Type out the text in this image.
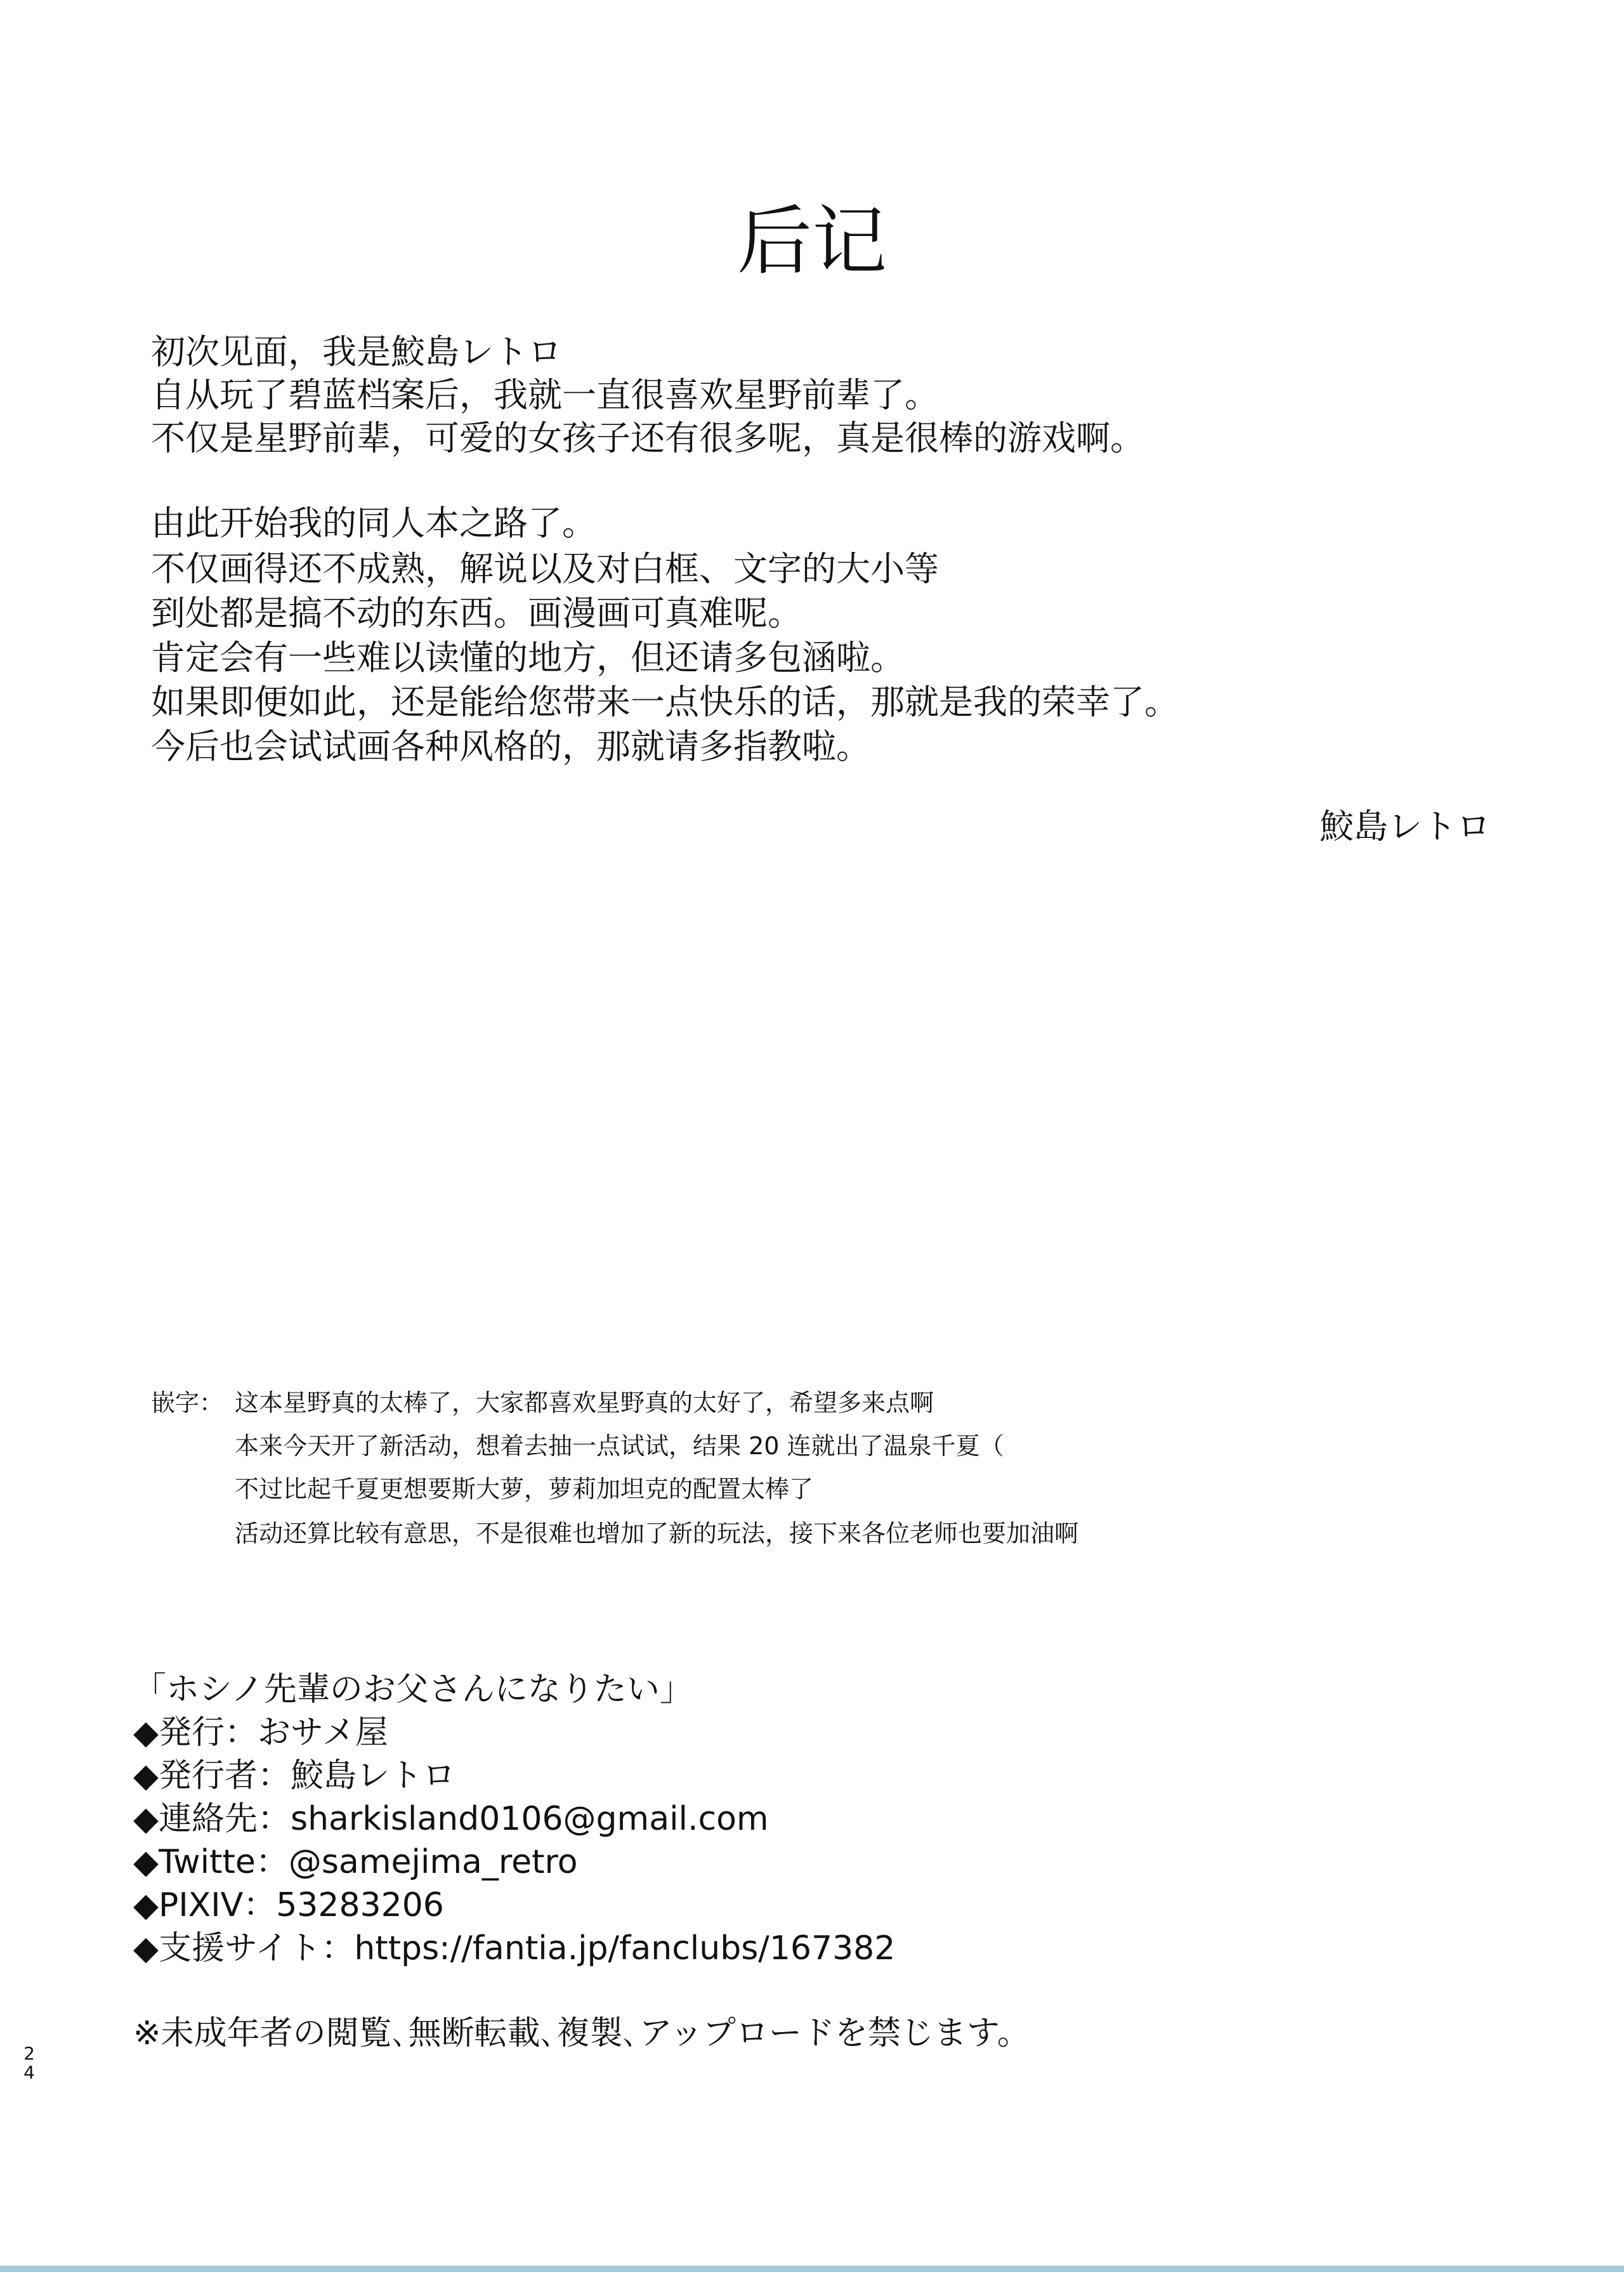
后记
初次见面，我是鮫島レトロ
自从玩了碧蓝档案后，我就一直很喜欢星野前辈了。
不仅是星野前辈，可爱的女孩子还有很多呢，真是很棒的游戏啊。
由此开始我的同人本之路了。
不仅画得还不成熟，解说以及对白框、文字的大小等
到处都是搞不动的东西。画漫画可真难呢。
肯定会有一些难以读懂的地方，但还请多包涵啦。
如果即便如此，还是能给您带来一点快乐的话，那就是我的荣幸了。
今后也会试试画各种风格的，那就请多指教啦。
鮫島レトロ
嵌字： 这本星野真的太棒了，大家都喜欢星野真的太好了，希望多来点啊
本来今天开了新活动，想着去抽一点试试，结果 20 连就出了温泉千夏（
不过比起千夏更想要斯大萝，萝莉加坦克的配置太棒了
活动还算比较有意思，不是很难也增加了新的玩法，接下来各位老师也要加油啊
「ホシノ先輩のお父さんになりたい」
◆発行：おサメ屋
◆発行者：鮫島レトロ
◆連絡先：sharkisland0106@gmail.com
◆Twitte：@samejima_retro
◆PIXIV：53283206
◆支援サイト：https://fantia.jp/fanclubs/167382
※未成年者の閲覧､無断転載､複製､アップロードを禁じます。
24
